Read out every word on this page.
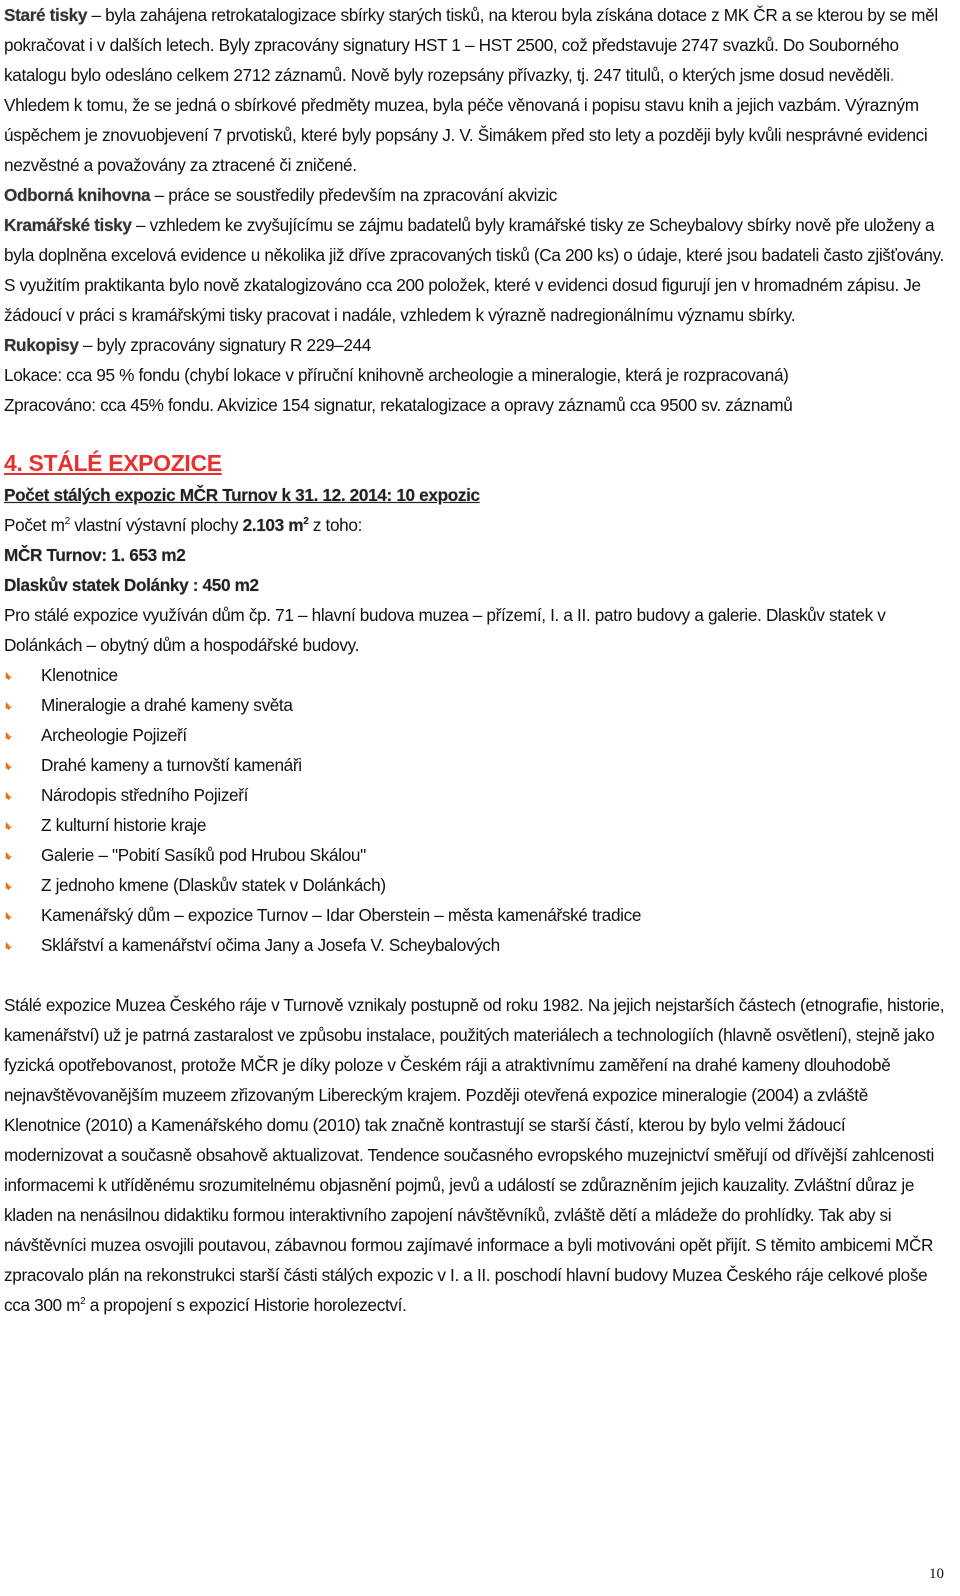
Staré tisky – byla zahájena retrokatalogizace sbírky starých tisků, na kterou byla získána dotace z MK ČR a se kterou by se měl pokračovat i v dalších letech. Byly zpracovány signatury HST 1 – HST 2500, což představuje 2747 svazků. Do Souborného katalogu bylo odesláno celkem 2712 záznamů. Nově byly rozepsány přívazky, tj. 247 titulů, o kterých jsme dosud nevěděli. Vhledem k tomu, že se jedná o sbírkové předměty muzea, byla péče věnovaná i popisu stavu knih a jejich vazbám. Výrazným úspěchem je znovuobjevení 7 prvotisků, které byly popsány J. V. Šimákem před sto lety a později byly kvůli nesprávné evidenci nezvěstné a považovány za ztracené či zničené.

Odborná knihovna – práce se soustředily především na zpracování akvizic

Kramářské tisky – vzhledem ke zvyšujícímu se zájmu badatelů byly kramářské tisky ze Scheybalovy sbírky nově pře uloženy a byla doplněna excelová evidence u několika již dříve zpracovaných tisků (Ca 200 ks) o údaje, které jsou badateli často zjišťovány. S využitím praktikanta bylo nově zkatalogizováno cca 200 položek, které v evidenci dosud figurují jen v hromadném zápisu. Je žádoucí v práci s kramářskými tisky pracovat i nadále, vzhledem k výrazně nadregionálnímu významu sbírky.

Rukopisy – byly zpracovány signatury R 229–244

Lokace: cca 95 % fondu (chybí lokace v příruční knihovně archeologie a mineralogie, která je rozpracovaná)

Zpracováno: cca 45% fondu. Akvizice 154 signatur, rekatalogizace a opravy záznamů cca 9500 sv. záznamů

4. STÁLÉ EXPOZICE

Počet stálých expozic MČR Turnov k 31. 12. 2014: 10 expozic

Počet $m^2$ vlastní výstavní plochy 2.103 $m^2$ z toho:

MČR Turnov: 1. 653 m2

Dlaskův statek Dolánky : 450 m2

Pro stálé expozice využíván dům čp. 71 – hlavní budova muzea – přízemí, I. a II. patro budovy a galerie. Dlaskův statek v Dolánkách – obytný dům a hospodářské budovy.

Klenotnice
Mineralogie a drahé kameny světa
Archeologie Pojizeří
Drahé kameny a turnovští kamenáři
Národopis středního Pojizeří
Z kulturní historie kraje
Galerie – "Pobití Sasíků pod Hrubou Skálou"
Z jednoho kmene (Dlaskův statek v Dolánkách)
Kamenářský dům – expozice Turnov – Idar Oberstein – města kamenářské tradice
Sklářství a kamenářství očima Jany a Josefa V. Scheybalových

Stálé expozice Muzea Českého ráje v Turnově vznikaly postupně od roku 1982. Na jejich nejstarších částech (etnografie, historie, kamenářství) už je patrná zastaralost ve způsobu instalace, použitých materiálech a technologiích (hlavně osvětlení), stejně jako fyzická opotřebovanost, protože MČR je díky poloze v Českém ráji a atraktivnímu zaměření na drahé kameny dlouhodobě nejnavštěvovanějším muzeem zřizovaným Libereckým krajem. Později otevřená expozice mineralogie (2004) a zvláště Klenotnice (2010) a Kamenářského domu (2010) tak značně kontrastují se starší částí, kterou by bylo velmi žádoucí modernizovat a současně obsahově aktualizovat. Tendence současného evropského muzejnictví směřují od dřívější zahlcenosti informacemi k utříděnému srozumitelnému objasnění pojmů, jevů a událostí se zdůrazněním jejich kauzality. Zvláštní důraz je kladen na nenásilnou didaktiku formou interaktivního zapojení návštěvníků, zvláště dětí a mládeže do prohlídky. Tak aby si návštěvníci muzea osvojili poutavou, zábavnou formou zajímavé informace a byli motivováni opět přijít. S těmito ambicemi MČR zpracovalo plán na rekonstrukci starší části stálých expozic v I. a II. poschodí hlavní budovy Muzea Českého ráje celkové ploše cca 300 $m^2$ a propojení s expozicí Historie horolezectví.

10
